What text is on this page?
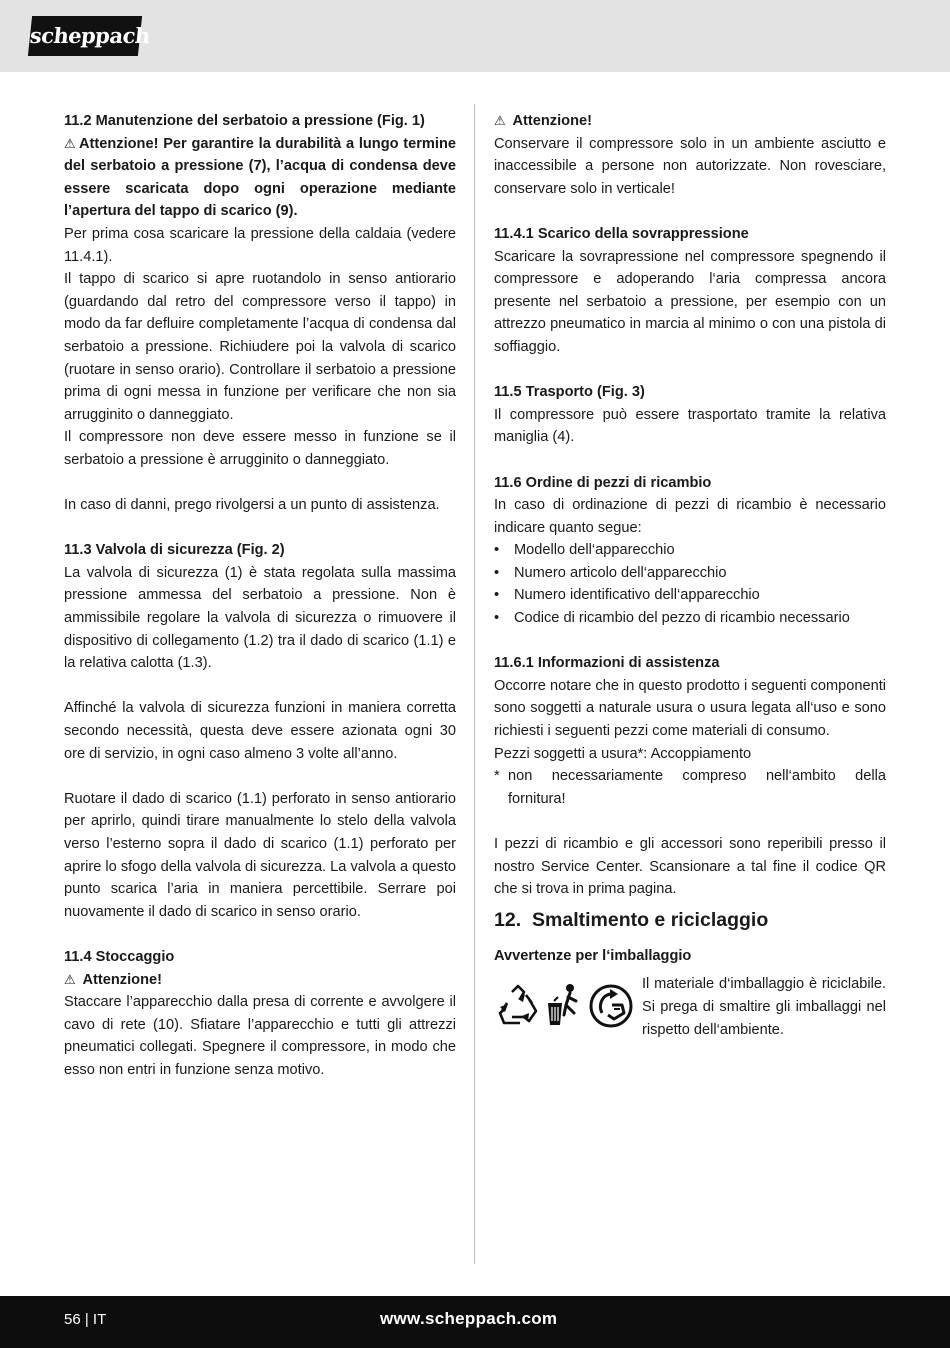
scheppach
11.2 Manutenzione del serbatoio a pressione (Fig. 1)
⚠ Attenzione! Per garantire la durabilità a lungo termine del serbatoio a pressione (7), l’acqua di condensa deve essere scaricata dopo ogni operazione mediante l’apertura del tappo di scarico (9).
Per prima cosa scaricare la pressione della caldaia (vedere 11.4.1).
Il tappo di scarico si apre ruotandolo in senso antiorario (guardando dal retro del compressore verso il tappo) in modo da far defluire completamente l’acqua di condensa dal serbatoio a pressione. Richiudere poi la valvola di scarico (ruotare in senso orario). Controllare il serbatoio a pressione prima di ogni messa in funzione per verificare che non sia arrugginito o danneggiato.
Il compressore non deve essere messo in funzione se il serbatoio a pressione è arrugginito o danneggiato.
In caso di danni, prego rivolgersi a un punto di assistenza.
11.3 Valvola di sicurezza (Fig. 2)
La valvola di sicurezza (1) è stata regolata sulla massima pressione ammessa del serbatoio a pressione. Non è ammissibile regolare la valvola di sicurezza o rimuovere il dispositivo di collegamento (1.2) tra il dado di scarico (1.1) e la relativa calotta (1.3).
Affinché la valvola di sicurezza funzioni in maniera corretta secondo necessità, questa deve essere azionata ogni 30 ore di servizio, in ogni caso almeno 3 volte all’anno.
Ruotare il dado di scarico (1.1) perforato in senso antiorario per aprirlo, quindi tirare manualmente lo stelo della valvola verso l’esterno sopra il dado di scarico (1.1) perforato per aprire lo sfogo della valvola di sicurezza. La valvola a questo punto scarica l’aria in maniera percettibile. Serrare poi nuovamente il dado di scarico in senso orario.
11.4 Stoccaggio
⚠ Attenzione!
Staccare l’apparecchio dalla presa di corrente e avvolgere il cavo di rete (10). Sfiatare l’apparecchio e tutti gli attrezzi pneumatici collegati. Spegnere il compressore, in modo che esso non entri in funzione senza motivo.
⚠ Attenzione!
Conservare il compressore solo in un ambiente asciutto e inaccessibile a persone non autorizzate. Non rovesciare, conservare solo in verticale!
11.4.1 Scarico della sovrappressione
Scaricare la sovrapressione nel compressore spegnendo il compressore e adoperando l‘aria compressa ancora presente nel serbatoio a pressione, per esempio con un attrezzo pneumatico in marcia al minimo o con una pistola di soffiaggio.
11.5 Trasporto (Fig. 3)
Il compressore può essere trasportato tramite la relativa maniglia (4).
11.6 Ordine di pezzi di ricambio
In caso di ordinazione di pezzi di ricambio è necessario indicare quanto segue:
• Modello dell‘apparecchio
• Numero articolo dell‘apparecchio
• Numero identificativo dell‘apparecchio
• Codice di ricambio del pezzo di ricambio necessario
11.6.1 Informazioni di assistenza
Occorre notare che in questo prodotto i seguenti componenti sono soggetti a naturale usura o usura legata all‘uso e sono richiesti i seguenti pezzi come materiali di consumo.
Pezzi soggetti a usura*: Accoppiamento
* non necessariamente compreso nell‘ambito della fornitura!
I pezzi di ricambio e gli accessori sono reperibili presso il nostro Service Center. Scansionare a tal fine il codice QR che si trova in prima pagina.
12. Smaltimento e riciclaggio
Avvertenze per l‘imballaggio
Il materiale d‘imballaggio è riciclabile. Si prega di smaltire gli imballaggi nel rispetto dell‘ambiente.
56 | IT	www.scheppach.com
